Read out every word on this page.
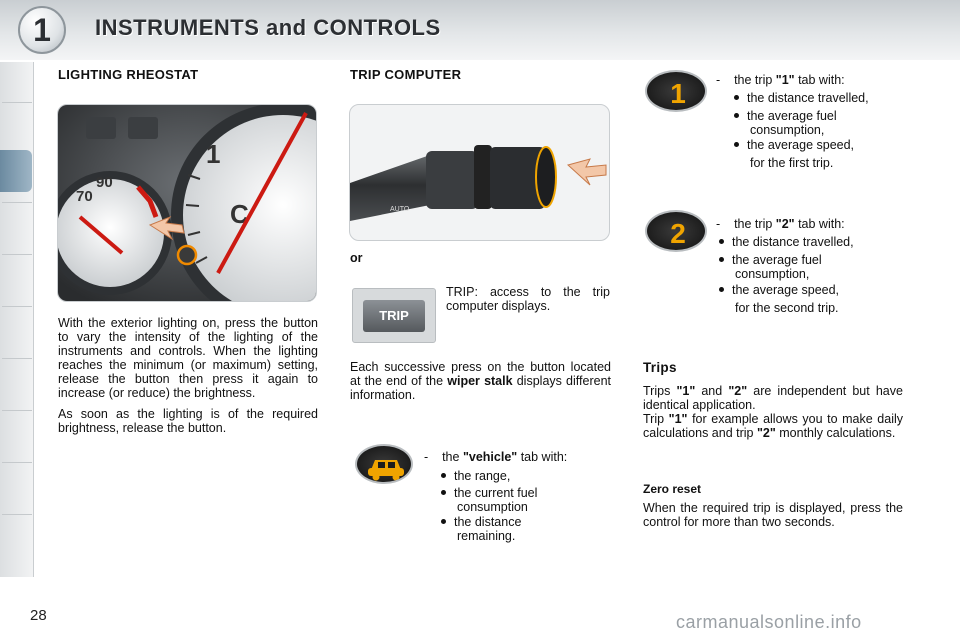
1	INSTRUMENTS and CONTROLS
LIGHTING RHEOSTAT
1
C
90
70
With the exterior lighting on, press the button to vary the intensity of the lighting of the instruments and controls. When the lighting reaches the minimum (or maximum) setting, release the button then press it again to increase (or reduce) the brightness.
As soon as the lighting is of the required brightness, release the button.
TRIP COMPUTER
AUTO
or
TRIP
TRIP: access to the trip computer displays.
Each successive press on the button located at the end of the wiper stalk displays different information.
- the "vehicle" tab with:
the range,
the current fuel consumption
the distance remaining.
1 - the trip "1" tab with:
the distance travelled,
the average fuel consumption,
the average speed,
for the first trip.
2 - the trip "2" tab with:
the distance travelled,
the average fuel consumption,
the average speed,
for the second trip.
Trips
Trips "1" and "2" are independent but have identical application.
Trip "1" for example allows you to make daily calculations and trip "2" monthly calculations.
Zero reset
When the required trip is displayed, press the control for more than two seconds.
28	carmanualsonline.info
